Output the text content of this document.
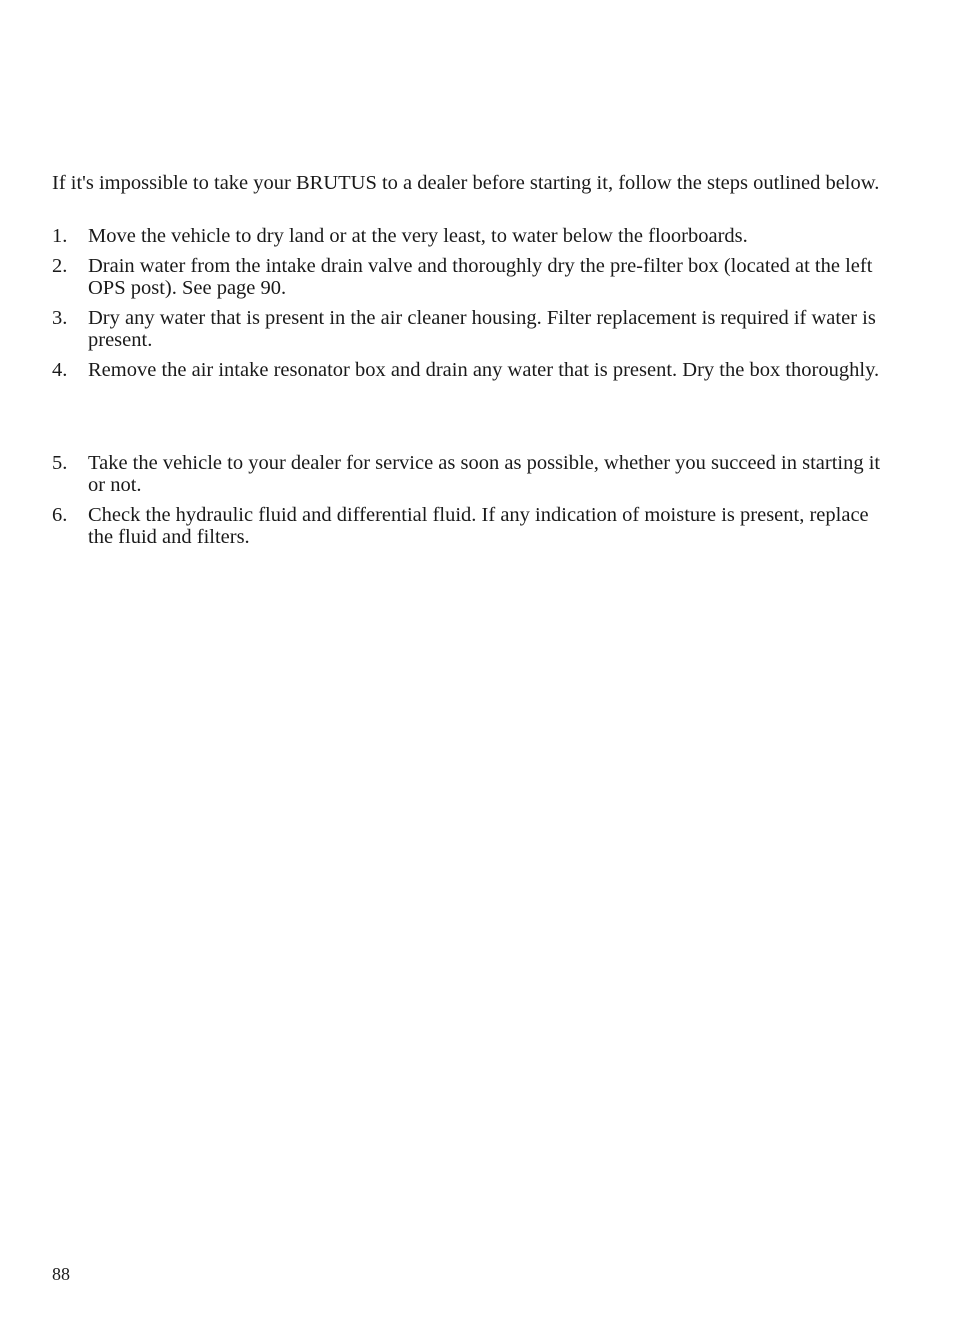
If it's impossible to take your BRUTUS to a dealer before starting it, follow the steps outlined below.

1.	Move the vehicle to dry land or at the very least, to water below the floorboards.
2.	Drain water from the intake drain valve and thoroughly dry the pre-filter box (located at the left OPS post). See page 90.
3.	Dry any water that is present in the air cleaner housing. Filter replacement is required if water is present.
4.	Remove the air intake resonator box and drain any water that is present. Dry the box thoroughly.
5.	Take the vehicle to your dealer for service as soon as possible, whether you succeed in starting it or not.
6.	Check the hydraulic fluid and differential fluid. If any indication of moisture is present, replace the fluid and filters.
88
